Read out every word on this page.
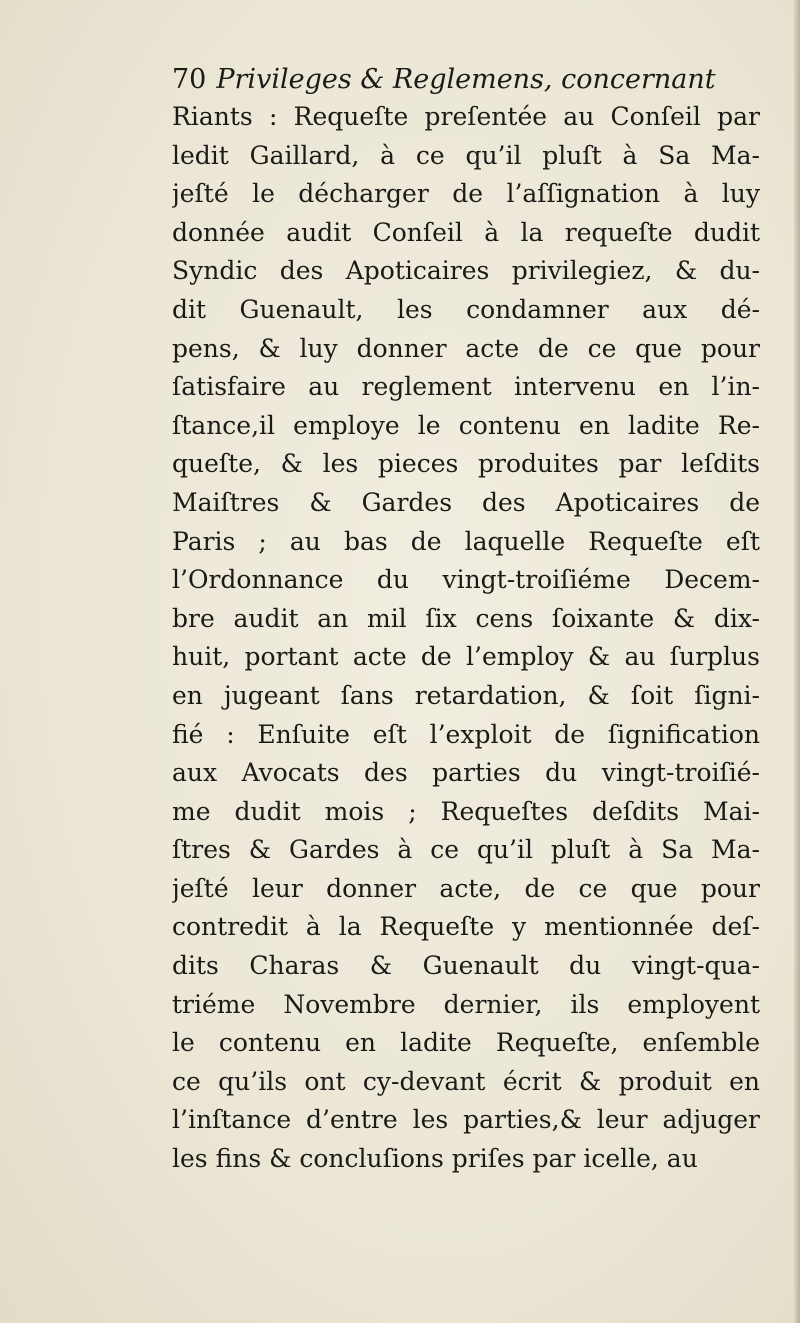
70 Privileges & Reglemens, concernant
Riants : Requeſte preſentée au Conſeil par
ledit Gaillard, à ce qu’il pluſt à Sa Ma-
jeſté le décharger de l’aſſignation à luy
donnée audit Conſeil à la requeſte dudit
Syndic des Apoticaires privilegiez, & du-
dit Guenault, les condamner aux dé-
pens, & luy donner acte de ce que pour
ſatisfaire au reglement intervenu en l’in-
ſtance,il employe le contenu en ladite Re-
queſte, & les pieces produites par leſdits
Maiſtres & Gardes des Apoticaires de
Paris ; au bas de laquelle Requeſte eſt
l’Ordonnance du vingt-troiſiéme Decem-
bre audit an mil ſix cens ſoixante & dix-
huit, portant acte de l’employ & au ſurplus
en jugeant ſans retardation, & ſoit ſigni-
fié : Enſuite eſt l’exploit de ſignification
aux Avocats des parties du vingt-troiſié-
me dudit mois ; Requeſtes deſdits Mai-
ſtres & Gardes à ce qu’il pluſt à Sa Ma-
jeſté leur donner acte, de ce que pour
contredit à la Requeſte y mentionnée deſ-
dits Charas & Guenault du vingt-qua-
triéme Novembre dernier, ils employent
le contenu en ladite Requeſte, enſemble
ce qu’ils ont cy-devant écrit & produit en
l’inſtance d’entre les parties,& leur adjuger
les fins & concluſions priſes par icelle, au
